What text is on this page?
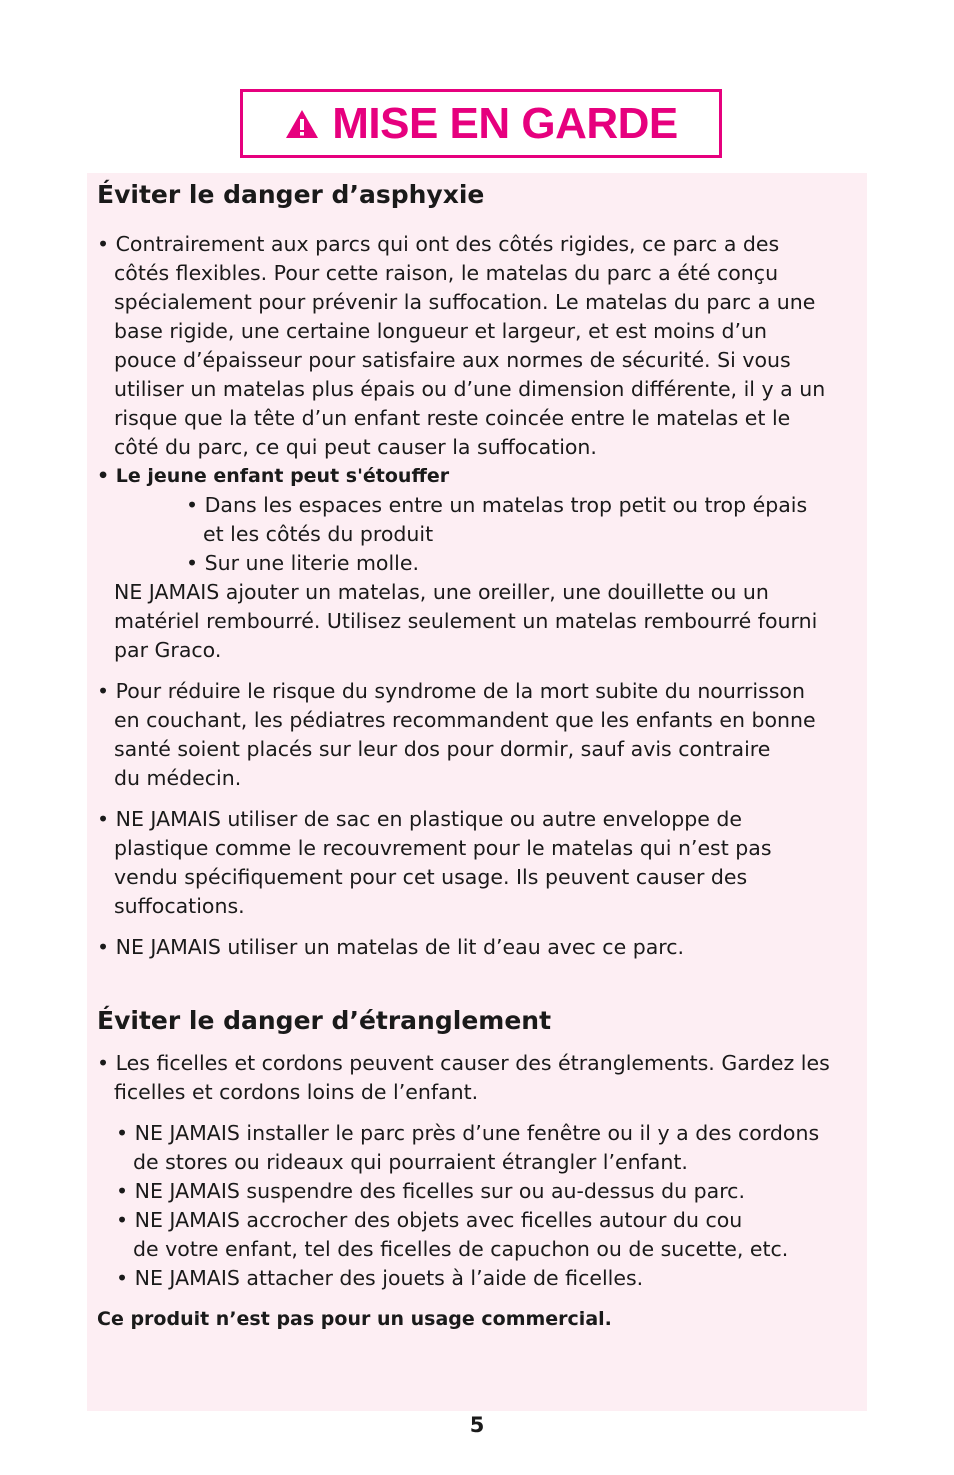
MISE EN GARDE
Éviter le danger d’asphyxie

• Contrairement aux parcs qui ont des côtés rigides, ce parc a des
côtés flexibles. Pour cette raison, le matelas du parc a été conçu
spécialement pour prévenir la suffocation. Le matelas du parc a une
base rigide, une certaine longueur et largeur, et est moins d’un
pouce d’épaisseur pour satisfaire aux normes de sécurité. Si vous
utiliser un matelas plus épais ou d’une dimension différente, il y a un
risque que la tête d’un enfant reste coincée entre le matelas et le
côté du parc, ce qui peut causer la suffocation.

• Le jeune enfant peut s'étouffer

• Dans les espaces entre un matelas trop petit ou trop épais
et les côtés du produit

• Sur une literie molle.

NE JAMAIS ajouter un matelas, une oreiller, une douillette ou un
matériel rembourré. Utilisez seulement un matelas rembourré fourni
par Graco.

• Pour réduire le risque du syndrome de la mort subite du nourrisson
en couchant, les pédiatres recommandent que les enfants en bonne
santé soient placés sur leur dos pour dormir, sauf avis contraire
du médecin.

• NE JAMAIS utiliser de sac en plastique ou autre enveloppe de
plastique comme le recouvrement pour le matelas qui n’est pas
vendu spécifiquement pour cet usage. Ils peuvent causer des
suffocations.

• NE JAMAIS utiliser un matelas de lit d’eau avec ce parc.

Éviter le danger d’étranglement

• Les ficelles et cordons peuvent causer des étranglements. Gardez les
ficelles et cordons loins de l’enfant.

• NE JAMAIS installer le parc près d’une fenêtre ou il y a des cordons
de stores ou rideaux qui pourraient étrangler l’enfant.

• NE JAMAIS suspendre des ficelles sur ou au-dessus du parc.

• NE JAMAIS accrocher des objets avec ficelles autour du cou
de votre enfant, tel des ficelles de capuchon ou de sucette, etc.

• NE JAMAIS attacher des jouets à l’aide de ficelles.

Ce produit n’est pas pour un usage commercial.

5
